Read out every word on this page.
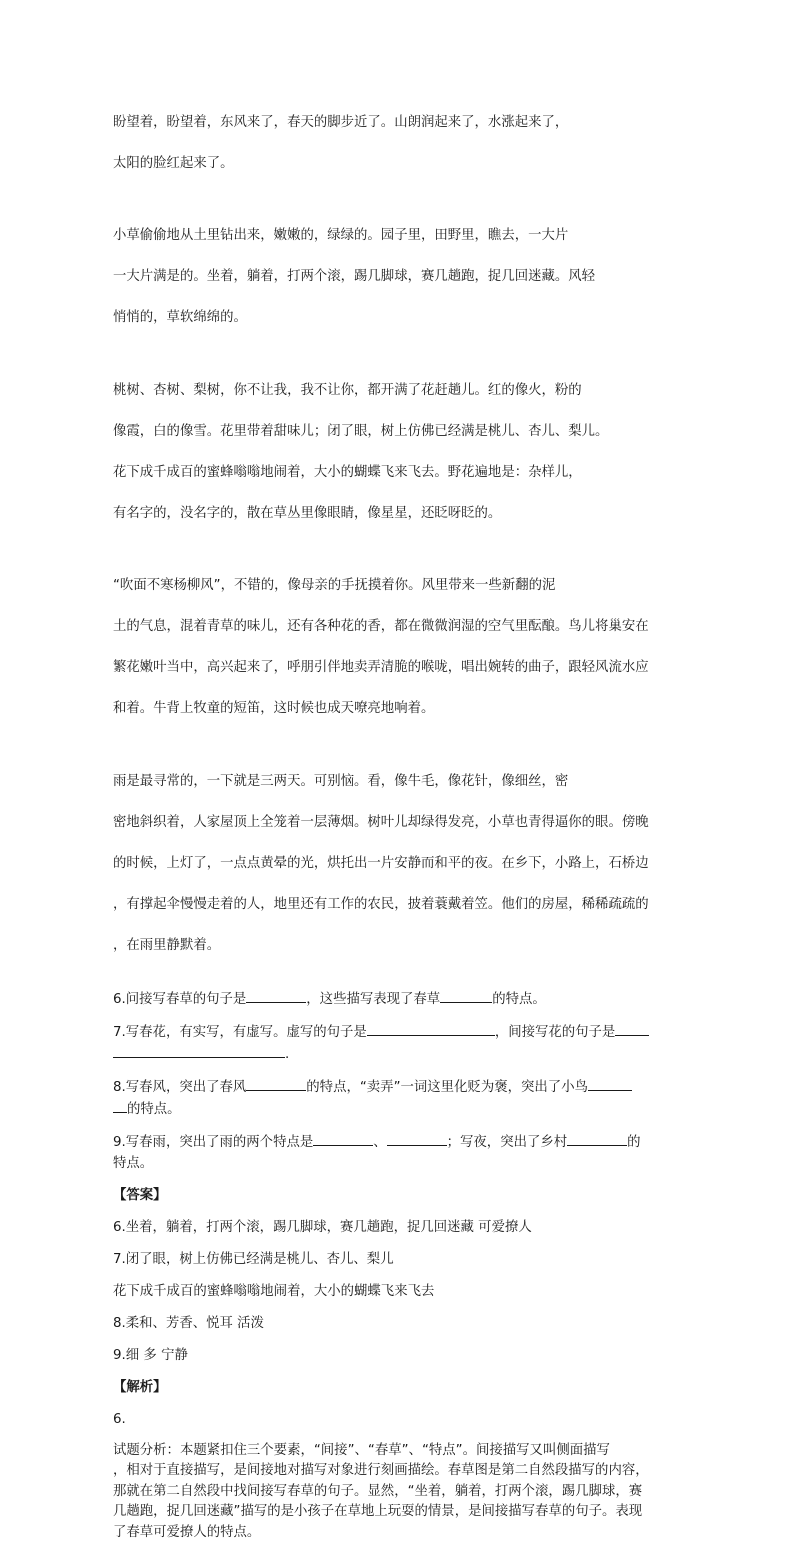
盼望着，盼望着，东风来了，春天的脚步近了。山朗润起来了，水涨起来了，

太阳的脸红起来了。

小草偷偷地从土里钻出来，嫩嫩的，绿绿的。园子里，田野里，瞧去，一大片

一大片满是的。坐着，躺着，打两个滚，踢几脚球，赛几趟跑，捉几回迷藏。风轻

悄悄的，草软绵绵的。

桃树、杏树、梨树，你不让我，我不让你，都开满了花赶趟儿。红的像火，粉的

像霞，白的像雪。花里带着甜味儿；闭了眼，树上仿佛已经满是桃儿、杏儿、梨儿。

花下成千成百的蜜蜂嗡嗡地闹着，大小的蝴蝶飞来飞去。野花遍地是：杂样儿，

有名字的，没名字的，散在草丛里像眼睛，像星星，还眨呀眨的。

“吹面不寒杨柳风”，不错的，像母亲的手抚摸着你。风里带来一些新翻的泥

土的气息，混着青草的味儿，还有各种花的香，都在微微润湿的空气里酝酿。鸟儿将巢安在

繁花嫩叶当中，高兴起来了，呼朋引伴地卖弄清脆的喉咙，唱出婉转的曲子，跟轻风流水应

和着。牛背上牧童的短笛，这时候也成天嘹亮地响着。

雨是最寻常的，一下就是三两天。可别恼。看，像牛毛，像花针，像细丝，密

密地斜织着，人家屋顶上全笼着一层薄烟。树叶儿却绿得发亮，小草也青得逼你的眼。傍晚

的时候，上灯了，一点点黄晕的光，烘托出一片安静而和平的夜。在乡下，小路上，石桥边

，有撑起伞慢慢走着的人，地里还有工作的农民，披着蓑戴着笠。他们的房屋，稀稀疏疏的

，在雨里静默着。

6.问接写春草的句子是	，这些描写表现了春草	的特点。
7.写春花，有实写，有虚写。虚写的句子是	，间接写花的句子是
.
8.写春风，突出了春风	的特点，“卖弄”一词这里化贬为褒，突出了小鸟
的特点。
9.写春雨，突出了雨的两个特点是	、	；写夜，突出了乡村	的
特点。
【答案】
6.坐着，躺着，打两个滚，踢几脚球，赛几趟跑，捉几回迷藏 可爱撩人
7.闭了眼，树上仿佛已经满是桃儿、杏儿、梨儿
花下成千成百的蜜蜂嗡嗡地闹着，大小的蝴蝶飞来飞去
8.柔和、芳香、悦耳 活泼
9.细 多 宁静
【解析】
6.
试题分析：本题紧扣住三个要素，“间接”、“春草”、“特点”。间接描写又叫侧面描写
，相对于直接描写，是间接地对描写对象进行刻画描绘。春草图是第二自然段描写的内容，
那就在第二自然段中找间接写春草的句子。显然，“坐着，躺着，打两个滚，踢几脚球，赛
几趟跑，捉几回迷藏”描写的是小孩子在草地上玩耍的情景，是间接描写春草的句子。表现
了春草可爱撩人的特点。
